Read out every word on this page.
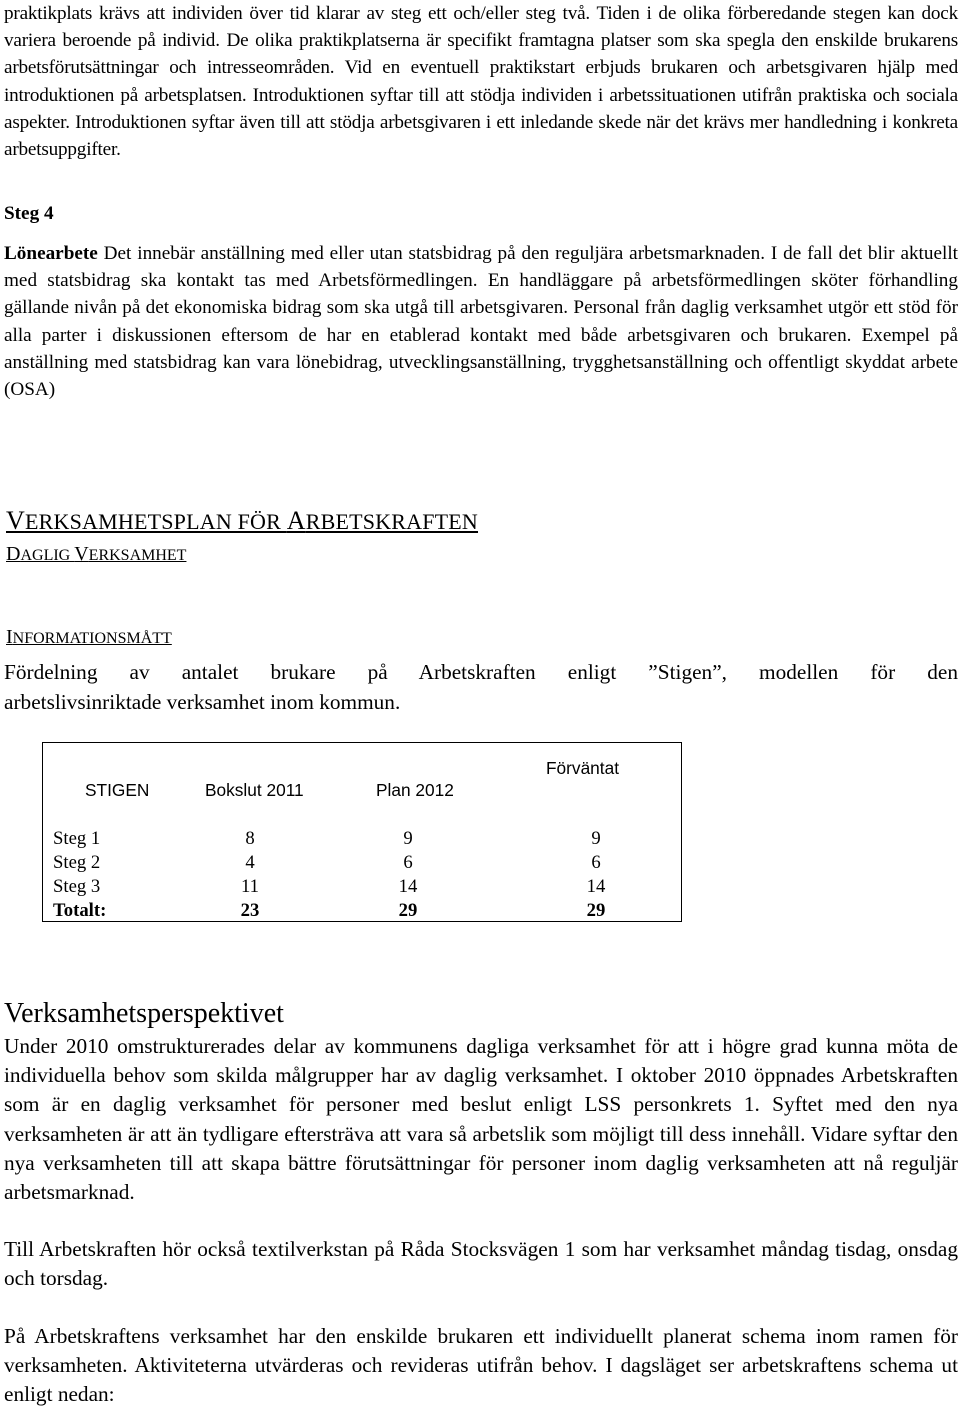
praktikplats krävs att individen över tid klarar av steg ett och/eller steg två. Tiden i de olika förberedande stegen kan dock variera beroende på individ. De olika praktikplatserna är specifikt framtagna platser som ska spegla den enskilde brukarens arbetsförutsättningar och intresseområden. Vid en eventuell praktikstart erbjuds brukaren och arbetsgivaren hjälp med introduktionen på arbetsplatsen. Introduktionen syftar till att stödja individen i arbetssituationen utifrån praktiska och sociala aspekter. Introduktionen syftar även till att stödja arbetsgivaren i ett inledande skede när det krävs mer handledning i konkreta arbetsuppgifter.

Steg 4

Lönearbete Det innebär anställning med eller utan statsbidrag på den reguljära arbetsmarknaden. I de fall det blir aktuellt med statsbidrag ska kontakt tas med Arbetsförmedlingen. En handläggare på arbetsförmedlingen sköter förhandling gällande nivån på det ekonomiska bidrag som ska utgå till arbetsgivaren. Personal från daglig verksamhet utgör ett stöd för alla parter i diskussionen eftersom de har en etablerad kontakt med både arbetsgivaren och brukaren. Exempel på anställning med statsbidrag kan vara lönebidrag, utvecklingsanställning, trygghetsanställning och offentligt skyddat arbete (OSA)

VERKSAMHETSPLAN FÖR ARBETSKRAFTEN

DAGLIG VERKSAMHET

INFORMATIONSMÅTT

Fördelning av antalet brukare på Arbetskraften enligt ”Stigen”, modellen för den

arbetslivsinriktade verksamhet inom kommun.

STIGEN	Bokslut 2011	Plan 2012

Förväntat

Steg 1	8	9	9

Steg 2	4	6	6

Steg 3	11	14	14

Totalt:	23	29	29

Verksamhetsperspektivet

Under 2010 omstrukturerades delar av kommunens dagliga verksamhet för att i högre grad kunna möta de individuella behov som skilda målgrupper har av daglig verksamhet. I oktober 2010 öppnades Arbetskraften som är en daglig verksamhet för personer med beslut enligt LSS personkrets 1. Syftet med den nya verksamheten är att än tydligare eftersträva att vara så arbetslik som möjligt till dess innehåll. Vidare syftar den nya verksamheten till att skapa bättre förutsättningar för personer inom daglig verksamheten att nå reguljär arbetsmarknad.

Till Arbetskraften hör också textilverkstan på Råda Stocksvägen 1 som har verksamhet måndag tisdag, onsdag och torsdag.

På Arbetskraftens verksamhet har den enskilde brukaren ett individuellt planerat schema inom ramen för verksamheten. Aktiviteterna utvärderas och revideras utifrån behov. I dagsläget ser arbetskraftens schema ut enligt nedan:
